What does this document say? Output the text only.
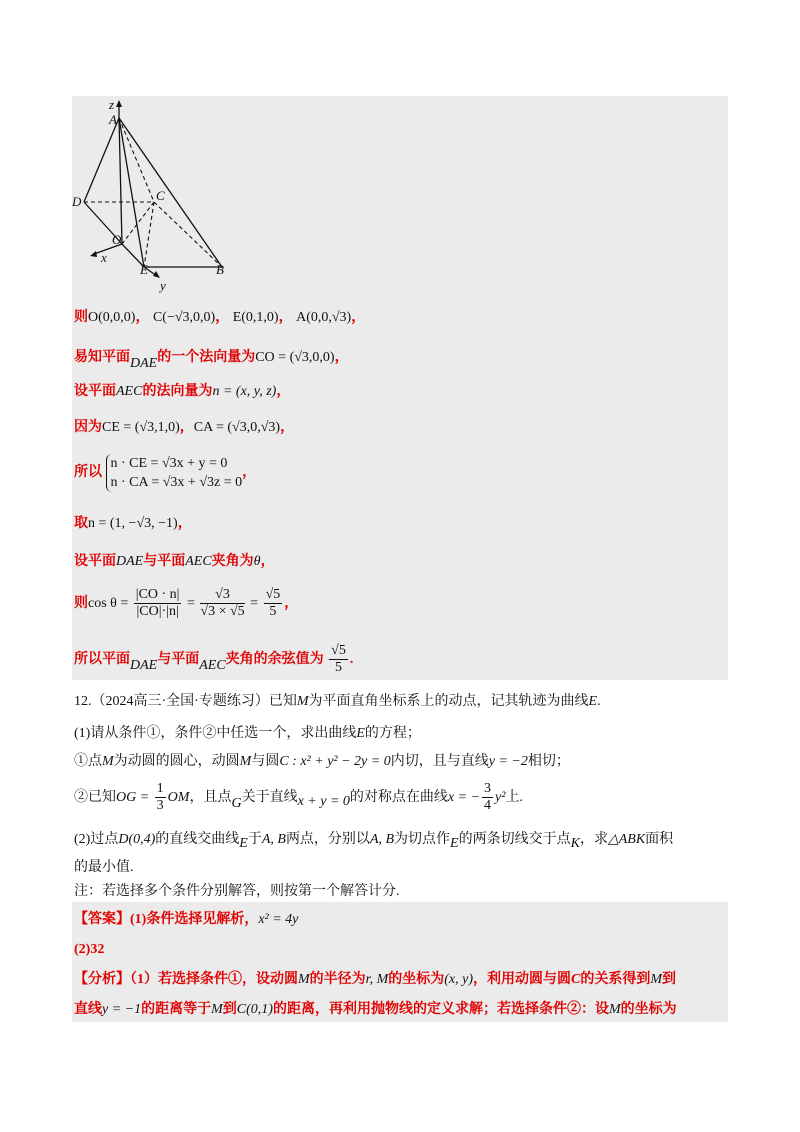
z
A
C
D
O
x
E
y
B
则O(0,0,0)， C(−√3,0,0)， E(0,1,0)， A(0,0,√3)，
易知平面DAE的一个法向量为CO = (√3,0,0)，
设平面AEC的法向量为n = (x, y, z)，
因为CE = (√3,1,0)，CA = (√3,0,√3)，
所以
n · CE = √3x + y = 0
n · CA = √3x + √3z = 0
，
取n = (1, −√3, −1)，
设平面DAE与平面AEC夹角为θ，
则$\cos \theta = \frac{|CO \cdot n|}{|CO|\cdot|n|} = \frac{√3}{√3 \times √5} = \frac{√5}{5}$ ，
所以平面DAE与平面AEC夹角的余弦值为 $\frac{√5}{5}$ .
12.（2024高三·全国·专题练习）已知M为平面直角坐标系上的动点，记其轨迹为曲线E.
(1)请从条件①，条件②中任选一个，求出曲线E的方程；
①点M为动圆的圆心，动圆M与圆C : x² + y² − 2y = 0内切，且与直线y = −2相切；
②已知OG = $\frac{1}{3}$ OM，且点G关于直线x + y = 0的对称点在曲线x = − $\frac{3}{4} y^2$上.
(2)过点D(0,4)的直线交曲线E于A, B两点，分别以A, B为切点作E的两条切线交于点K，求△ABK面积
的最小值.
注：若选择多个条件分别解答，则按第一个解答计分.
【答案】(1)条件选择见解析，x² = 4y
(2)32
【分析】（1）若选择条件①，设动圆M的半径为r, M的坐标为(x, y)，利用动圆与圆C的关系得到M到
直线y = −1的距离等于M到C(0,1)的距离，再利用抛物线的定义求解；若选择条件②：设M的坐标为
